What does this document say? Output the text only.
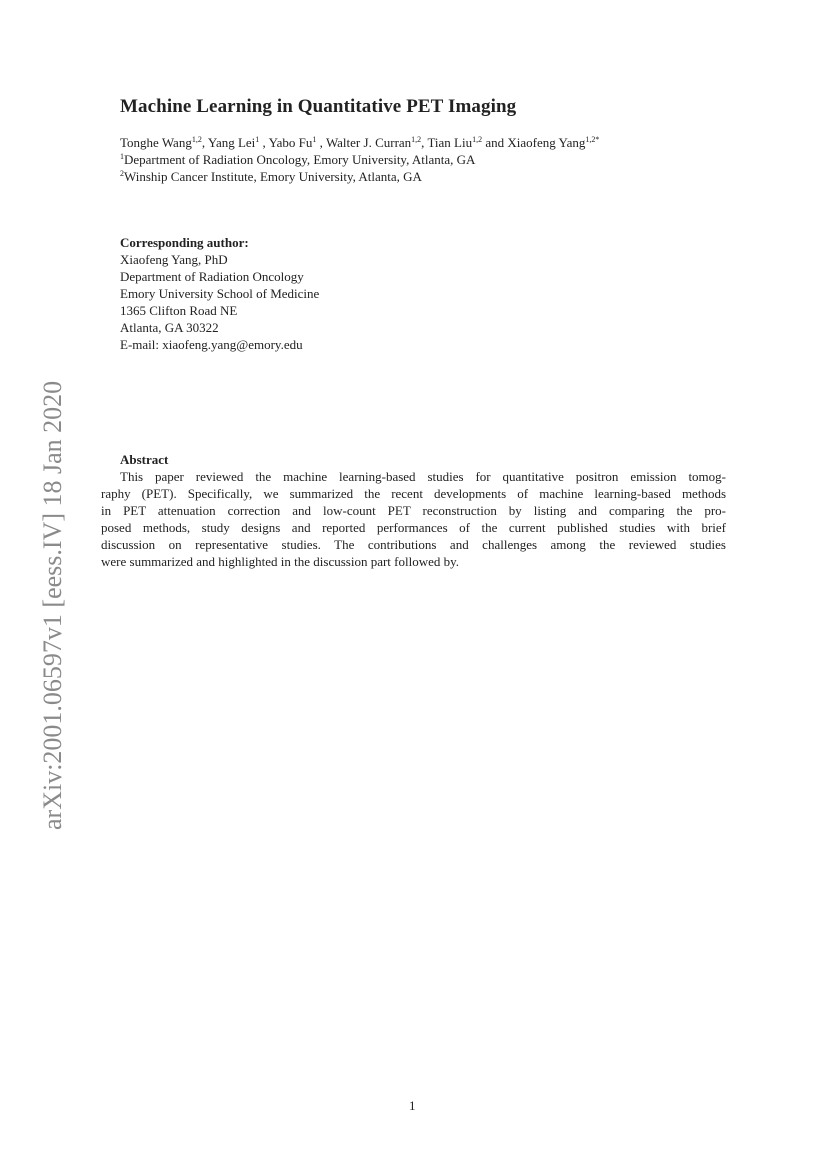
Machine Learning in Quantitative PET Imaging
Tonghe Wang$^{1,2}$, Yang Lei$^1$ , Yabo Fu$^1$ , Walter J. Curran$^{1,2}$, Tian Liu$^{1,2}$ and Xiaofeng Yang$^{1,2*}$
$^1$Department of Radiation Oncology, Emory University, Atlanta, GA
$^2$Winship Cancer Institute, Emory University, Atlanta, GA
Corresponding author:
Xiaofeng Yang, PhD
Department of Radiation Oncology
Emory University School of Medicine
1365 Clifton Road NE
Atlanta, GA 30322
E-mail: xiaofeng.yang@emory.edu
Abstract
This paper reviewed the machine learning-based studies for quantitative positron emission tomog-
raphy (PET). Specifically, we summarized the recent developments of machine learning-based methods
in PET attenuation correction and low-count PET reconstruction by listing and comparing the pro-
posed methods, study designs and reported performances of the current published studies with brief
discussion on representative studies. The contributions and challenges among the reviewed studies
were summarized and highlighted in the discussion part followed by.
arXiv:2001.06597v1 [eess.IV] 18 Jan 2020
1
